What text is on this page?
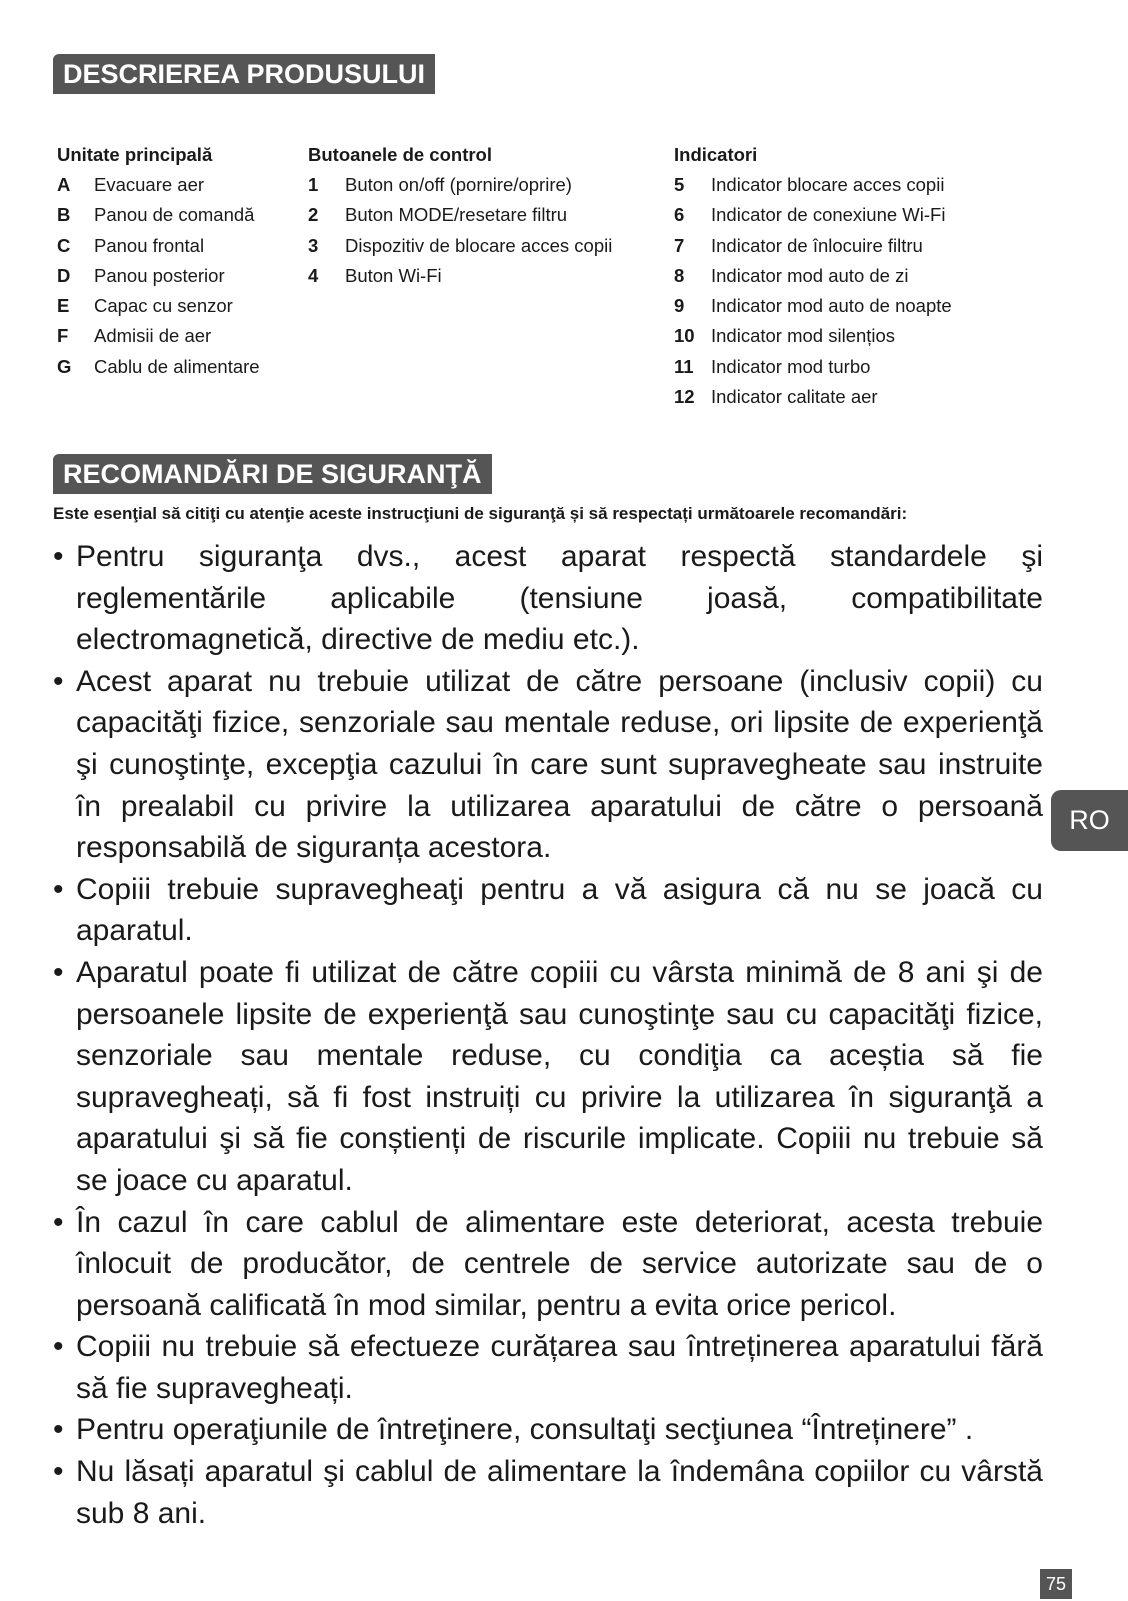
DESCRIEREA PRODUSULUI
Unitate principală
A Evacuare aer
B Panou de comandă
C Panou frontal
D Panou posterior
E Capac cu senzor
F Admisii de aer
G Cablu de alimentare
Butoanele de control
1 Buton on/off (pornire/oprire)
2 Buton MODE/resetare filtru
3 Dispozitiv de blocare acces copii
4 Buton Wi-Fi
Indicatori
5 Indicator blocare acces copii
6 Indicator de conexiune Wi-Fi
7 Indicator de înlocuire filtru
8 Indicator mod auto de zi
9 Indicator mod auto de noapte
10 Indicator mod silențios
11 Indicator mod turbo
12 Indicator calitate aer
RECOMANDĂRI DE SIGURANŢĂ
Este esenţial să citiţi cu atenţie aceste instrucţiuni de siguranţă și să respectați următoarele recomandări:
• Pentru siguranţa dvs., acest aparat respectă standardele şi reglementările aplicabile (tensiune joasă, compatibilitate electromagnetică, directive de mediu etc.).
• Acest aparat nu trebuie utilizat de către persoane (inclusiv copii) cu capacităţi fizice, senzoriale sau mentale reduse, ori lipsite de experienţă şi cunoştinţe, excepţia cazului în care sunt supravegheate sau instruite în prealabil cu privire la utilizarea aparatului de către o persoană responsabilă de siguranța acestora.
• Copiii trebuie supravegheaţi pentru a vă asigura că nu se joacă cu aparatul.
• Aparatul poate fi utilizat de către copiii cu vârsta minimă de 8 ani şi de persoanele lipsite de experienţă sau cunoştinţe sau cu capacităţi fizice, senzoriale sau mentale reduse, cu condiţia ca aceștia să fie supravegheați, să fi fost instruiți cu privire la utilizarea în siguranţă a aparatului şi să fie conștienți de riscurile implicate. Copiii nu trebuie să se joace cu aparatul.
• În cazul în care cablul de alimentare este deteriorat, acesta trebuie înlocuit de producător, de centrele de service autorizate sau de o persoană calificată în mod similar, pentru a evita orice pericol.
• Copiii nu trebuie să efectueze curățarea sau întreținerea aparatului fără să fie supravegheați.
• Pentru operaţiunile de întreţinere, consultaţi secţiunea “Întreținere” .
• Nu lăsați aparatul şi cablul de alimentare la îndemâna copiilor cu vârstă sub 8 ani.
RO
75
